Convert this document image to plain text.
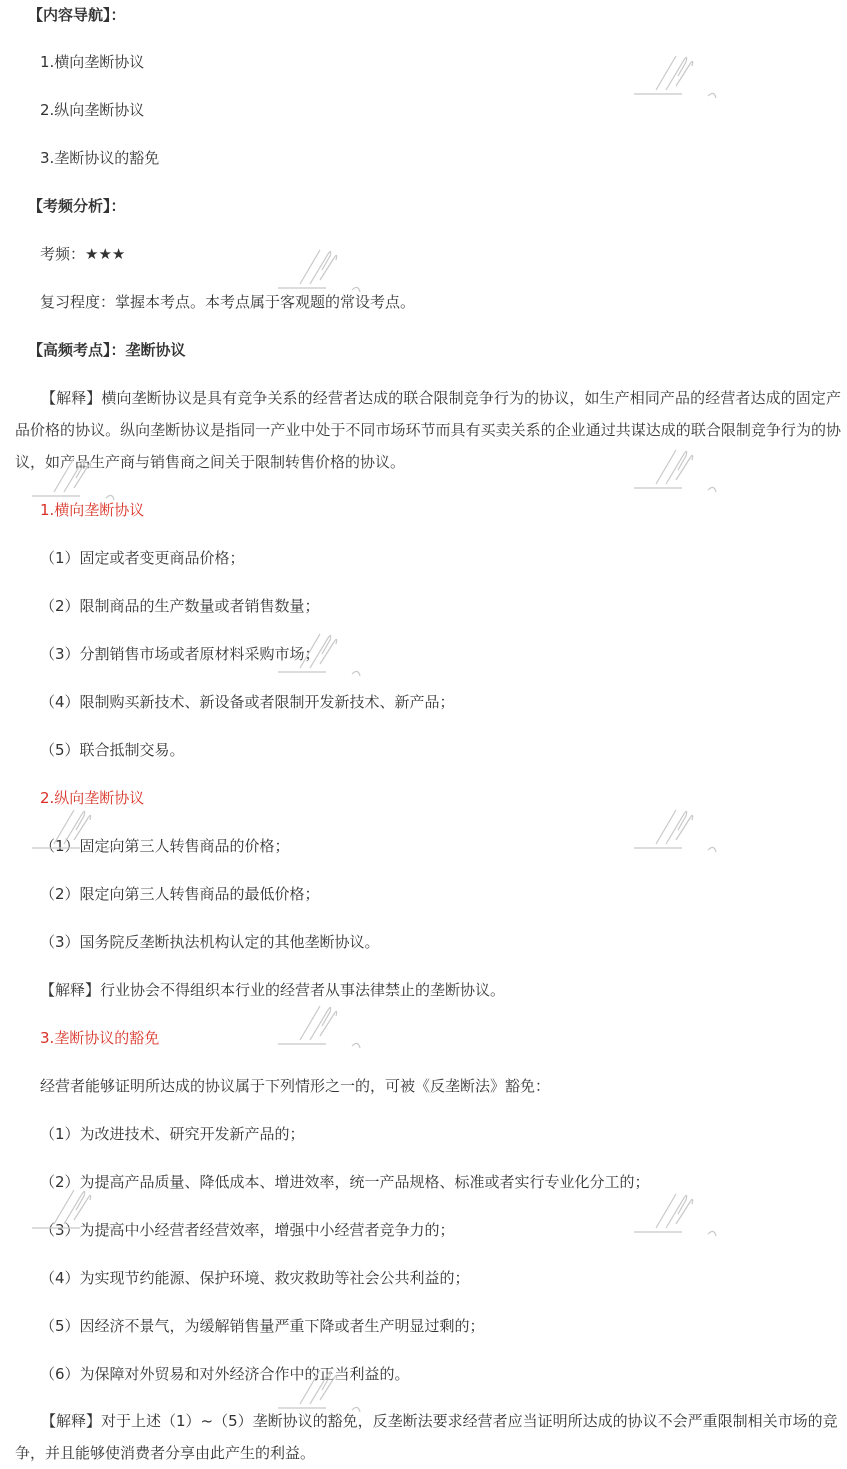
【内容导航】：
1.横向垄断协议
2.纵向垄断协议
3.垄断协议的豁免
【考频分析】：
考频：★★★
复习程度：掌握本考点。本考点属于客观题的常设考点。
【高频考点】：垄断协议
【解释】横向垄断协议是具有竞争关系的经营者达成的联合限制竞争行为的协议，如生产相同产品的经营者达成的固定产品价格的协议。纵向垄断协议是指同一产业中处于不同市场环节而具有买卖关系的企业通过共谋达成的联合限制竞争行为的协议，如产品生产商与销售商之间关于限制转售价格的协议。
1.横向垄断协议
（1）固定或者变更商品价格；
（2）限制商品的生产数量或者销售数量；
（3）分割销售市场或者原材料采购市场；
（4）限制购买新技术、新设备或者限制开发新技术、新产品；
（5）联合抵制交易。
2.纵向垄断协议
（1）固定向第三人转售商品的价格；
（2）限定向第三人转售商品的最低价格；
（3）国务院反垄断执法机构认定的其他垄断协议。
【解释】行业协会不得组织本行业的经营者从事法律禁止的垄断协议。
3.垄断协议的豁免
经营者能够证明所达成的协议属于下列情形之一的，可被《反垄断法》豁免：
（1）为改进技术、研究开发新产品的；
（2）为提高产品质量、降低成本、增进效率，统一产品规格、标准或者实行专业化分工的；
（3）为提高中小经营者经营效率，增强中小经营者竞争力的；
（4）为实现节约能源、保护环境、救灾救助等社会公共利益的；
（5）因经济不景气，为缓解销售量严重下降或者生产明显过剩的；
（6）为保障对外贸易和对外经济合作中的正当利益的。
【解释】对于上述（1）~（5）垄断协议的豁免，反垄断法要求经营者应当证明所达成的协议不会严重限制相关市场的竞争，并且能够使消费者分享由此产生的利益。
